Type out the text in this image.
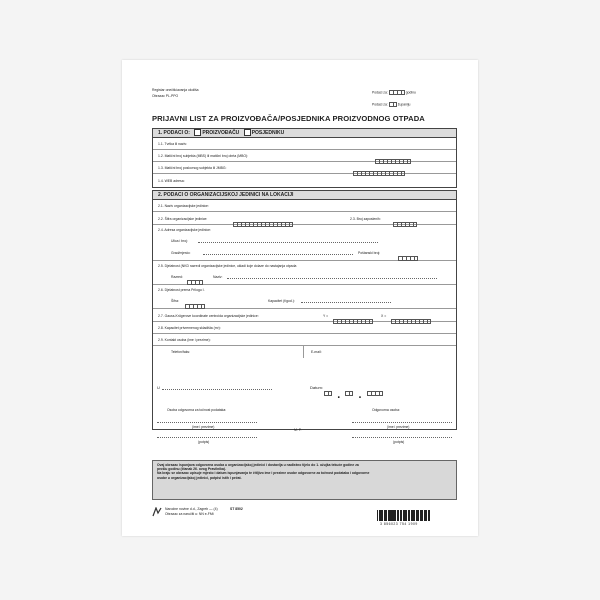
Registar onečišćavanja okoliša
Obrazac PL-PPO
Podaci za:	godinu
Podaci za:	županiju
PRIJAVNI LIST ZA PROIZVOĐAČA/POSJEDNIKA PROIZVODNOG OTPADA
1. PODACI O: PROIZVOĐAČU POSJEDNIKU
1.1. Tvrtka ili naziv:
1.2. Matični broj subjekta (MBS) ili matični broj obrta (MBO):
1.3. Matični broj poslovnog subjekta ili JMBG:
1.4. WEB adresa:
2. PODACI O ORGANIZACIJSKOJ JEDINICI NA LOKACIJI
2.1. Naziv organizacijske jedinice:
2.2. Šifra organizacijske jedinice:	2.3. Broj zaposlenih:
2.4. Adresa organizacijske jedinice:
Ulica i broj:
Grad/mjesto:	Poštanski broj:
2.5. Djelatnost (NKD razredi organizacijske jedinice, ukladi koje dolaze do nastajanja otpada
Razred:	Naziv:
2.6. Djelatnost prema Prilogu I.
Šifra:	Kapacitet (t/god.):
2.7. Gauss-Krügerove koordinate centroida organizacijske jedinice:	Y =	X =
2.8. Kapacitet privremenog skladišta (m³):
2.9. Kontakt osoba (ime i prezime):
Telefon/faks:	E-mail:
U	Datum: .
.
Osoba odgovorna za točnost podataka:	Odgovorna osoba:
(ime i prezime)	(ime i prezime)
M. P.
(potpis)	(potpis)
Ovaj obrazac ispunjava odgovorna osoba u organizacijskoj jedinici i dostavlja u nadležno tijelo do 1. ožujka tekuće godine za
prošlu godinu (članak 26. ovog Pravilnika).
Na kraju se obrazac upisuje mjesto i datum ispunjavanja te čitljivo ime i prezime osobe odgovorne za točnost podataka i odgovorne
osobe u organizacijskoj jedinici, potpisi istih i pečat.
Narodne novine d.d., Zagreb — (4)
Obrazac za naručiti u: NN e-FMt
ST 8502
3 856023 754 1909
